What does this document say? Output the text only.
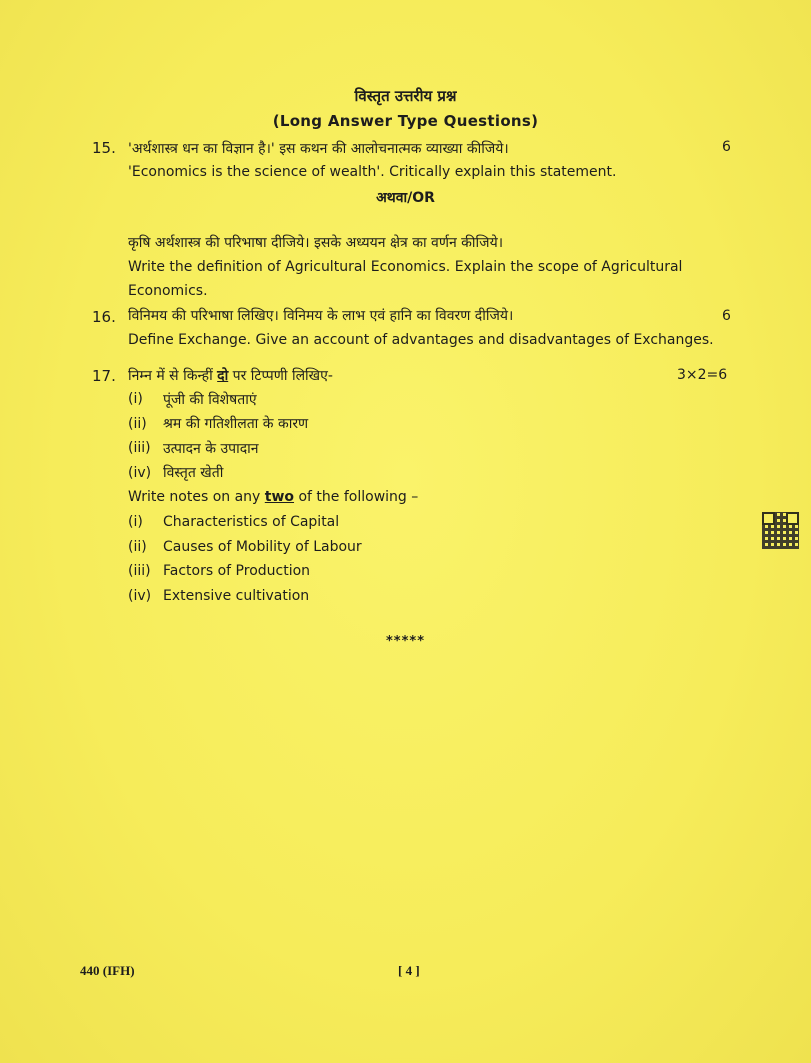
विस्तृत उत्तरीय प्रश्न
(Long Answer Type Questions)
15. 'अर्थशास्त्र धन का विज्ञान है।' इस कथन की आलोचनात्मक व्याख्या कीजिये।	6
'Economics is the science of wealth'. Critically explain this statement.
अथवा/OR
कृषि अर्थशास्त्र की परिभाषा दीजिये। इसके अध्ययन क्षेत्र का वर्णन कीजिये।
Write the definition of Agricultural Economics. Explain the scope of Agricultural
Economics.
16. विनिमय की परिभाषा लिखिए। विनिमय के लाभ एवं हानि का विवरण दीजिये।	6
Define Exchange. Give an account of advantages and disadvantages of Exchanges.
17. निम्न में से किन्हीं दो पर टिप्पणी लिखिए-	3×2=6
(i) पूंजी की विशेषताएं
(ii) श्रम की गतिशीलता के कारण
(iii) उत्पादन के उपादान
(iv) विस्तृत खेती
Write notes on any two of the following –
(i) Characteristics of Capital
(ii) Causes of Mobility of Labour
(iii) Factors of Production
(iv) Extensive cultivation
*****
440 (IFH)	[ 4 ]
